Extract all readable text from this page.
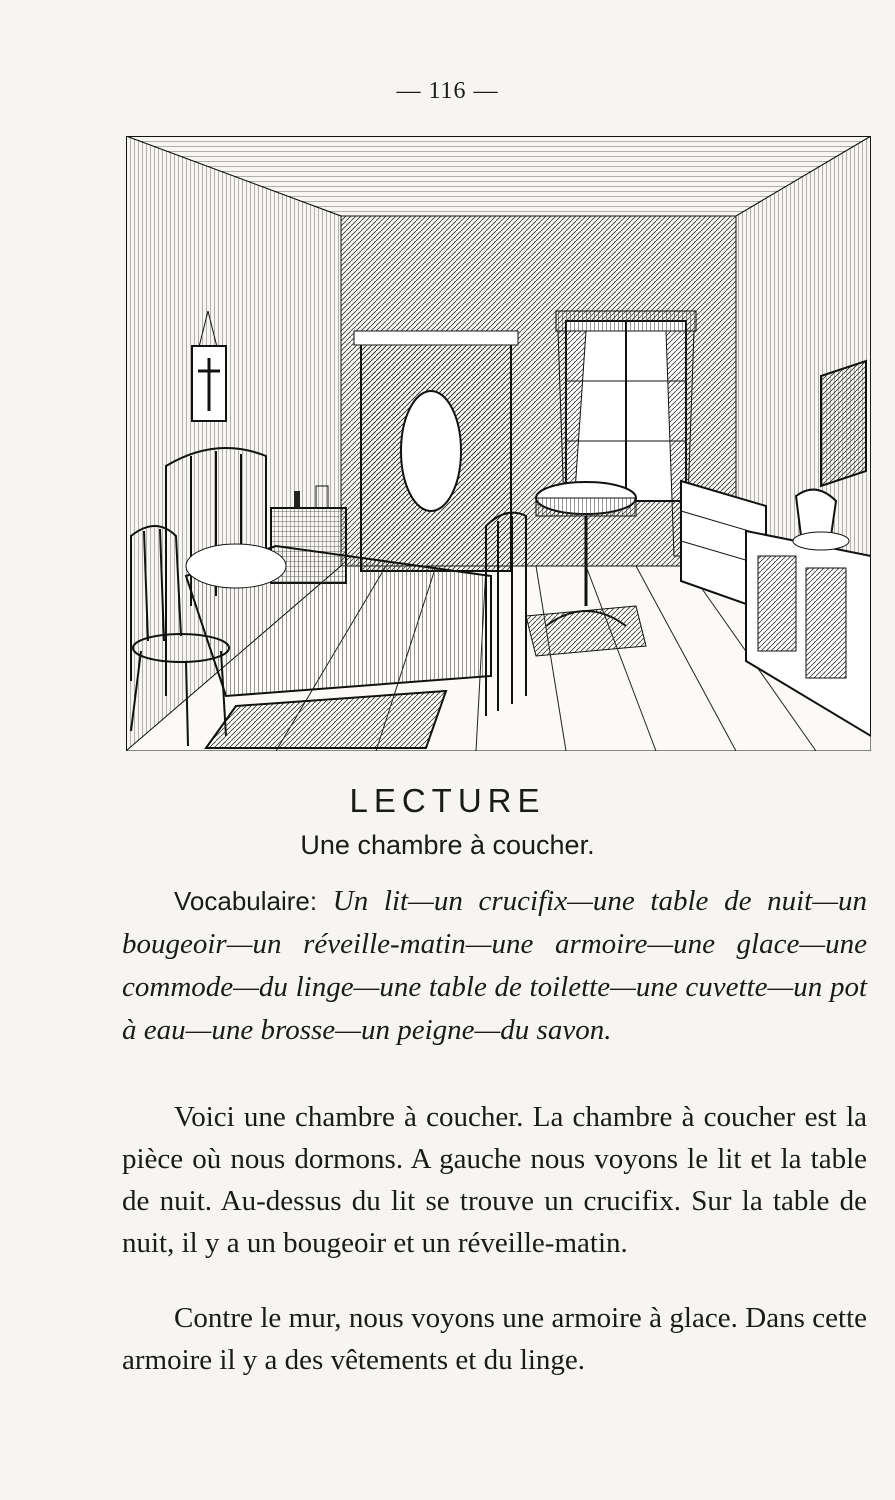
— 116 —
LECTURE
Une chambre à coucher.
Vocabulaire: Un lit—un crucifix—une table de nuit—un bougeoir—un réveille-matin—une armoire—une glace—une commode—du linge—une table de toilette—une cuvette—un pot à eau—une brosse—un peigne—du savon.
Voici une chambre à coucher. La chambre à coucher est la pièce où nous dormons. A gauche nous voyons le lit et la table de nuit. Au-dessus du lit se trouve un crucifix. Sur la table de nuit, il y a un bougeoir et un réveille-matin.
Contre le mur, nous voyons une armoire à glace. Dans cette armoire il y a des vêtements et du linge.
